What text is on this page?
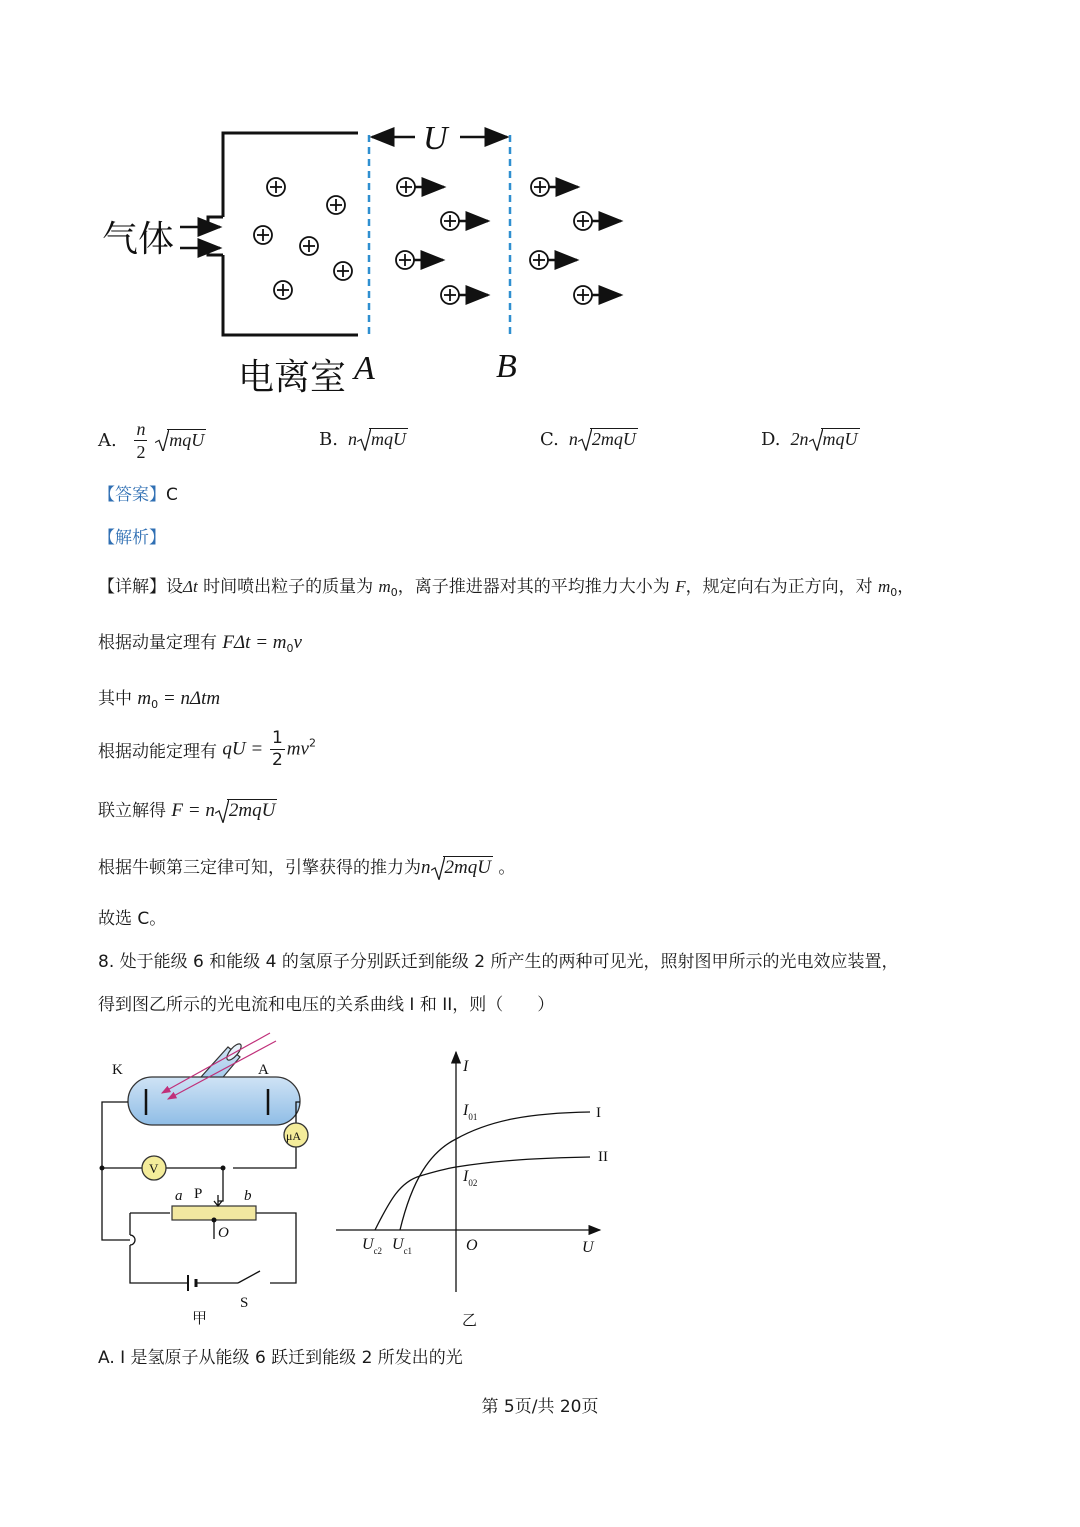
气体
电离室 A	B
U
A. $\frac{n}{2}$
mqU	B. n mqU	C. n 2mqU	D. 2n mqU
【答案】C
【解析】
【详解】设Δt 时间喷出粒子的质量为 $m_0$，离子推进器对其的平均推力大小为 F，规定向右为正方向，对 $m_0$，
根据动量定理有 $F\Delta t = m_0v$
其中 $m_0 = n\Delta tm$
根据动能定理有 qU = $\frac{1}{2} mv^2$
联立解得 F = n 2mqU
根据牛顿第三定律可知，引擎获得的推力为n 2mqU 。
故选 C。
8. 处于能级 6 和能级 4 的氢原子分别跃迁到能级 2 所产生的两种可见光，照射图甲所示的光电效应装置，
得到图乙所示的光电流和电压的关系曲线 I 和 II，则（　　）
K	A
μA
V
a P	b
O
S
甲
I
U
O
$I_{01}$
$I_{02}$
$U_{c2}$ $U_{c1}$
I
II
乙
A. I 是氢原子从能级 6 跃迁到能级 2 所发出的光
第 5页/共 20页
